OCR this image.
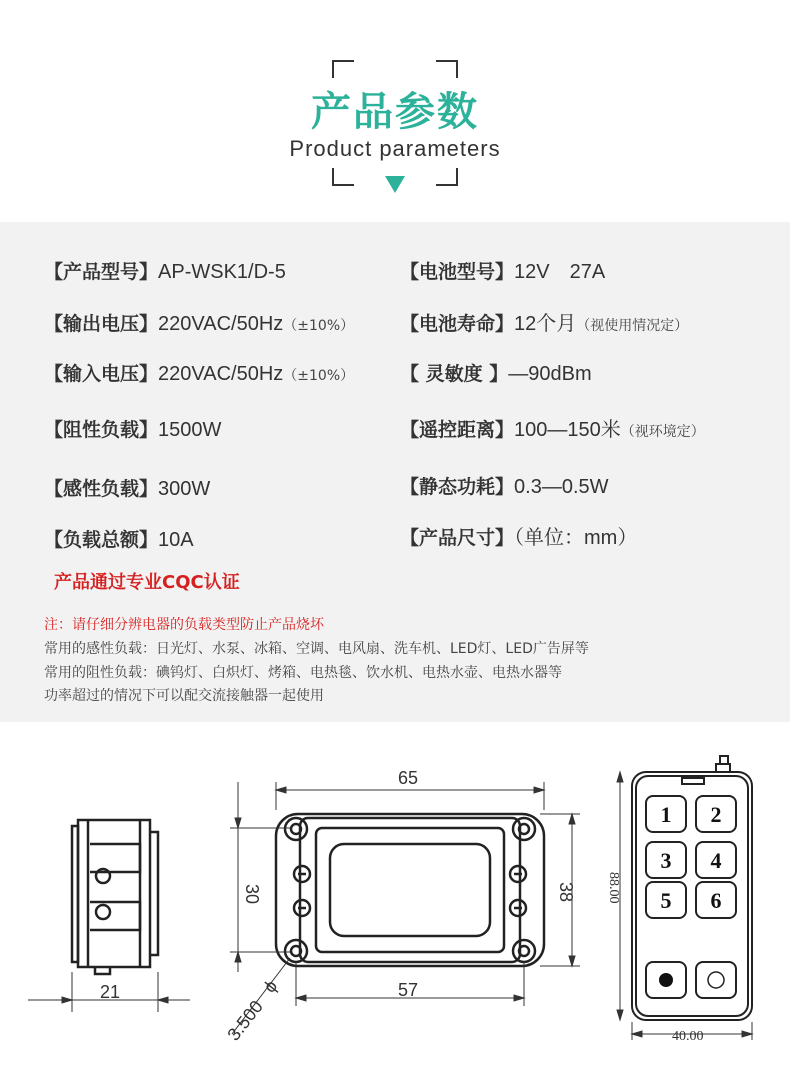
产品参数
Product parameters
【产品型号】AP-WSK1/D-5
【输出电压】220VAC/50Hz（±10%）
【输入电压】220VAC/50Hz（±10%）
【阻性负载】1500W
【感性负载】300W
【负载总额】10A
【电池型号】12V　27A
【电池寿命】12个月（视使用情况定）
【 灵敏度 】—90dBm
【遥控距离】100—150米（视环境定）
【静态功耗】0.3—0.5W
【产品尺寸】（单位：mm）
产品通过专业CQC认证
注：请仔细分辨电器的负载类型防止产品烧坏
常用的感性负载：日光灯、水泵、冰箱、空调、电风扇、洗车机、LED灯、LED广告屏等
常用的阻性负载：碘钨灯、白炽灯、烤箱、电热毯、饮水机、电热水壶、电热水器等
功率超过的情况下可以配交流接触器一起使用
21
65
30	38
57
3.500
ϕ
1 2
3 4
5 6
88.00
40.00
